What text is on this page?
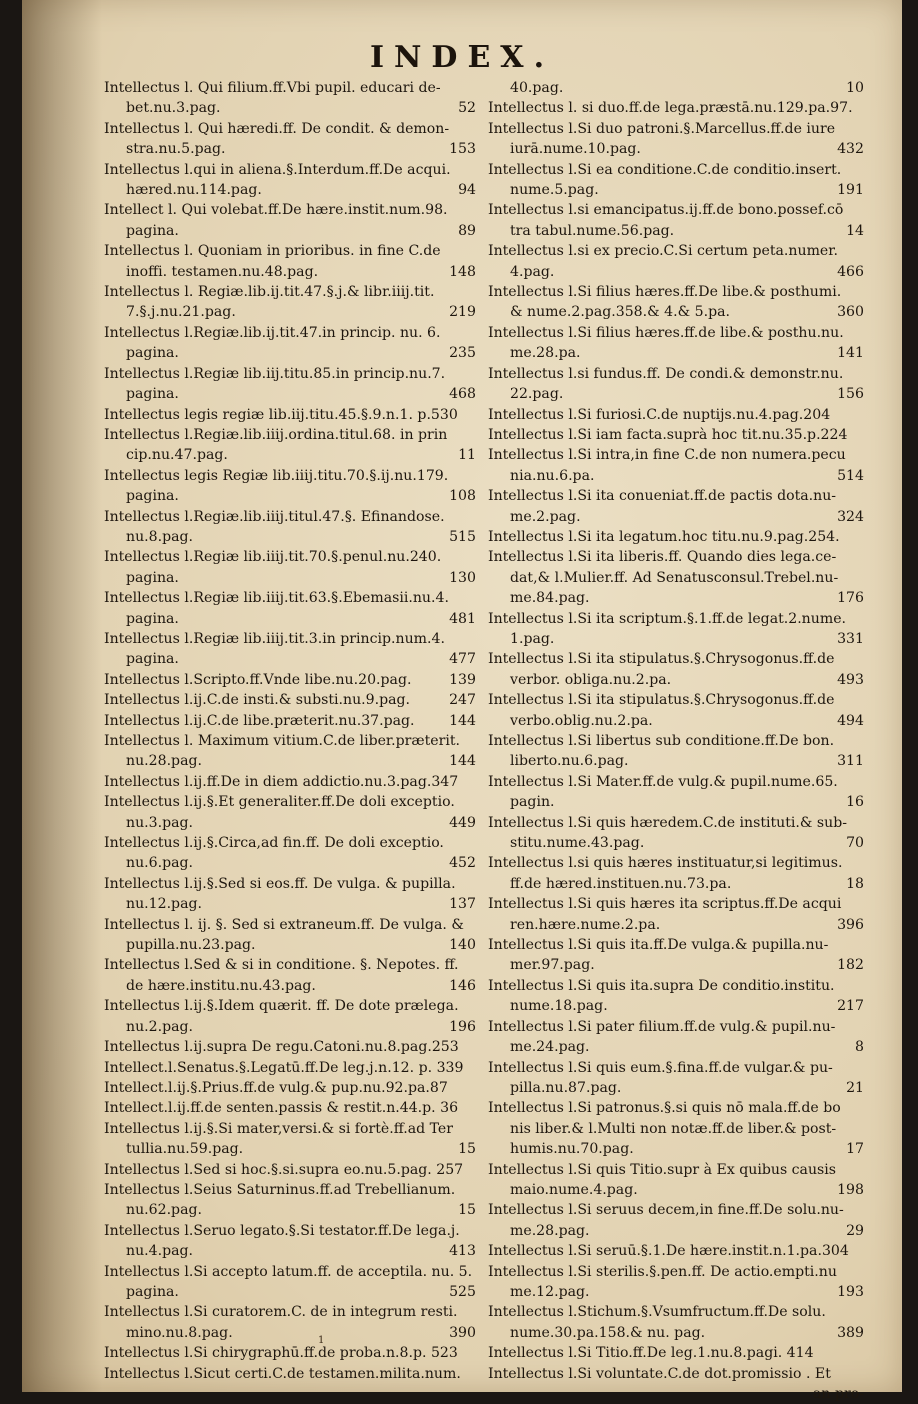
INDEX.
Intellectus l. Qui filium.ff.Vbi pupil. educari de-
bet.nu.3.pag.	52
Intellectus l. Qui hæredi.ff. De condit. & demon-
stra.nu.5.pag.	153
Intellectus l.qui in aliena.§.Interdum.ff.De acqui.
hæred.nu.114.pag.	94
Intellect l. Qui volebat.ff.De hære.instit.num.98.
pagina.	89
Intellectus l. Quoniam in prioribus. in fine C.de
inoffi. testamen.nu.48.pag.	148
Intellectus l. Regiæ.lib.ij.tit.47.§.j.& libr.iiij.tit.
7.§.j.nu.21.pag.	219
Intellectus l.Regiæ.lib.ij.tit.47.in princip. nu. 6.
pagina.	235
Intellectus l.Regiæ lib.iij.titu.85.in princip.nu.7.
pagina.	468
Intellectus legis regiæ lib.iij.titu.45.§.9.n.1. p.530
Intellectus l.Regiæ.lib.iiij.ordina.titul.68. in prin
cip.nu.47.pag.	11
Intellectus legis Regiæ lib.iiij.titu.70.§.ij.nu.179.
pagina.	108
Intellectus l.Regiæ.lib.iiij.titul.47.§. Efinandose.
nu.8.pag.	515
Intellectus l.Regiæ lib.iiij.tit.70.§.penul.nu.240.
pagina.	130
Intellectus l.Regiæ lib.iiij.tit.63.§.Ebemasii.nu.4.
pagina.	481
Intellectus l.Regiæ lib.iiij.tit.3.in princip.num.4.
pagina.	477
Intellectus l.Scripto.ff.Vnde libe.nu.20.pag.	139
Intellectus l.ij.C.de insti.& substi.nu.9.pag.	247
Intellectus l.ij.C.de libe.præterit.nu.37.pag. 144
Intellectus l. Maximum vitium.C.de liber.præterit.
nu.28.pag.	144
Intellectus l.ij.ff.De in diem addictio.nu.3.pag.347
Intellectus l.ij.§.Et generaliter.ff.De doli exceptio.
nu.3.pag.	449
Intellectus l.ij.§.Circa,ad fin.ff. De doli exceptio.
nu.6.pag.	452
Intellectus l.ij.§.Sed si eos.ff. De vulga. & pupilla.
nu.12.pag.	137
Intellectus l. ij. §. Sed si extraneum.ff. De vulga. &
pupilla.nu.23.pag.	140
Intellectus l.Sed & si in conditione. §. Nepotes. ff.
de hære.institu.nu.43.pag.	146
Intellectus l.ij.§.Idem quærit. ff. De dote prælega.
nu.2.pag.	196
Intellectus l.ij.supra De regu.Catoni.nu.8.pag.253
Intellect.l.Senatus.§.Legatū.ff.De leg.j.n.12. p. 339
Intellect.l.ij.§.Prius.ff.de vulg.& pup.nu.92.pa.87
Intellect.l.ij.ff.de senten.passis & restit.n.44.p. 36
Intellectus l.ij.§.Si mater,versi.& si fortè.ff.ad Ter
tullia.nu.59.pag.	15
Intellectus l.Sed si hoc.§.si.supra eo.nu.5.pag. 257
Intellectus l.Seius Saturninus.ff.ad Trebellianum.
nu.62.pag.	15
Intellectus l.Seruo legato.§.Si testator.ff.De lega.j.
nu.4.pag.	413
Intellectus l.Si accepto latum.ff. de acceptila. nu. 5.
pagina.	525
Intellectus l.Si curatorem.C. de in integrum resti.
mino.nu.8.pag.	390
Intellectus l.Si chirygraphū.ff.de proba.n.8.p. 523
Intellectus l.Sicut certi.C.de testamen.milita.num.
40.pag.	10
Intellectus l. si duo.ff.de lega.præstā.nu.129.pa.97.
Intellectus l.Si duo patroni.§.Marcellus.ff.de iure
iurā.nume.10.pag.	432
Intellectus l.Si ea conditione.C.de conditio.insert.
nume.5.pag.	191
Intellectus l.si emancipatus.ij.ff.de bono.possef.cō
tra tabul.nume.56.pag.	14
Intellectus l.si ex precio.C.Si certum peta.numer.
4.pag.	466
Intellectus l.Si filius hæres.ff.De libe.& posthumi.
& nume.2.pag.358.& 4.& 5.pa.	360
Intellectus l.Si filius hæres.ff.de libe.& posthu.nu.
me.28.pa.	141
Intellectus l.si fundus.ff. De condi.& demonstr.nu.
22.pag.	156
Intellectus l.Si furiosi.C.de nuptijs.nu.4.pag.204
Intellectus l.Si iam facta.suprà hoc tit.nu.35.p.224
Intellectus l.Si intra,in fine C.de non numera.pecu
nia.nu.6.pa.	514
Intellectus l.Si ita conueniat.ff.de pactis dota.nu-
me.2.pag.	324
Intellectus l.Si ita legatum.hoc titu.nu.9.pag.254.
Intellectus l.Si ita liberis.ff. Quando dies lega.ce-
dat,& l.Mulier.ff. Ad Senatusconsul.Trebel.nu-
me.84.pag.	176
Intellectus l.Si ita scriptum.§.1.ff.de legat.2.nume.
1.pag.	331
Intellectus l.Si ita stipulatus.§.Chrysogonus.ff.de
verbor. obliga.nu.2.pa.	493
Intellectus l.Si ita stipulatus.§.Chrysogonus.ff.de
verbo.oblig.nu.2.pa.	494
Intellectus l.Si libertus sub conditione.ff.De bon.
liberto.nu.6.pag.	311
Intellectus l.Si Mater.ff.de vulg.& pupil.nume.65.
pagin.	16
Intellectus l.Si quis hæredem.C.de instituti.& sub-
stitu.nume.43.pag.	70
Intellectus l.si quis hæres instituatur,si legitimus.
ff.de hæred.instituen.nu.73.pa.	18
Intellectus l.Si quis hæres ita scriptus.ff.De acqui
ren.hære.nume.2.pa.	396
Intellectus l.Si quis ita.ff.De vulga.& pupilla.nu-
mer.97.pag.	182
Intellectus l.Si quis ita.supra De conditio.institu.
nume.18.pag.	217
Intellectus l.Si pater filium.ff.de vulg.& pupil.nu-
me.24.pag.	8
Intellectus l.Si quis eum.§.fina.ff.de vulgar.& pu-
pilla.nu.87.pag.	21
Intellectus l.Si patronus.§.si quis nō mala.ff.de bo
nis liber.& l.Multi non notæ.ff.de liber.& post-
humis.nu.70.pag.	17
Intellectus l.Si quis Titio.supr à Ex quibus causis
maio.nume.4.pag.	198
Intellectus l.Si seruus decem,in fine.ff.De solu.nu-
me.28.pag.	29
Intellectus l.Si seruū.§.1.De hære.instit.n.1.pa.304
Intellectus l.Si sterilis.§.pen.ff. De actio.empti.nu
me.12.pag.	193
Intellectus l.Stichum.§.Vsumfructum.ff.De solu.
nume.30.pa.158.& nu. pag.	389
Intellectus l.Si Titio.ff.De leg.1.nu.8.pagi. 414
Intellectus l.Si voluntate.C.de dot.promissio . Et
an pro-
1
